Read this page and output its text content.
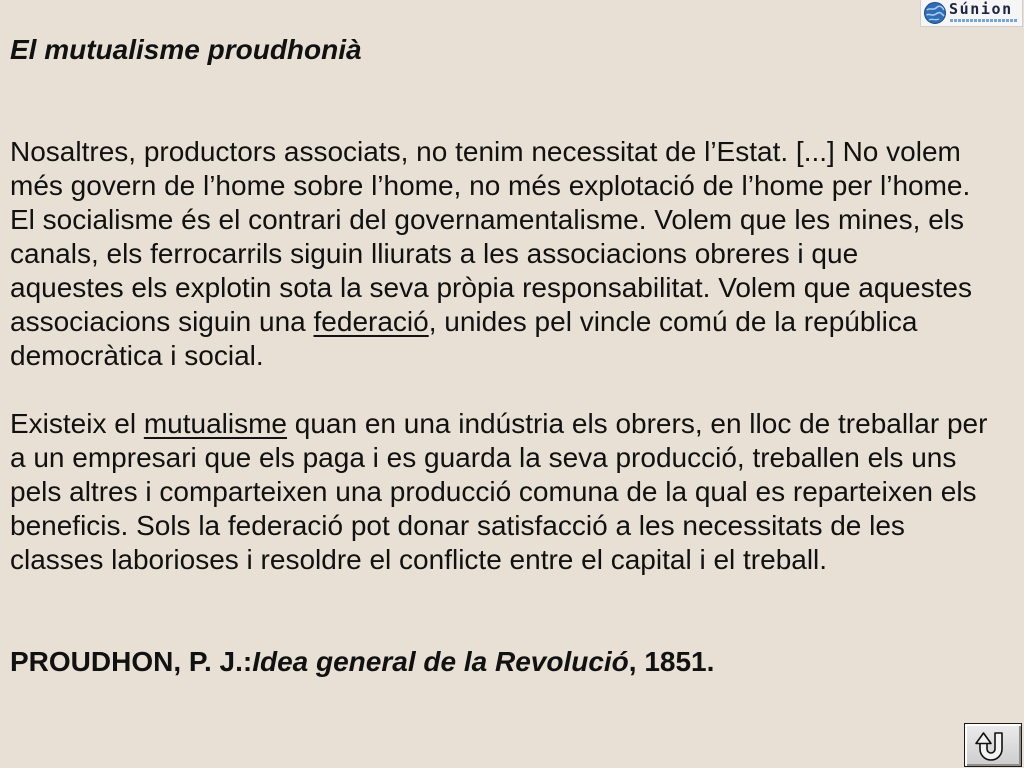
Súnion
El mutualisme proudhonià
Nosaltres, productors associats, no tenim necessitat de l’Estat. [...] No volem
més govern de l’home sobre l’home, no més explotació de l’home per l’home.
El socialisme és el contrari del governamentalisme. Volem que les mines, els
canals, els ferrocarrils siguin lliurats a les associacions obreres i que
aquestes els explotin sota la seva pròpia responsabilitat. Volem que aquestes
associacions siguin una federació, unides pel vincle comú de la república
democràtica i social.
Existeix el mutualisme quan en una indústria els obrers, en lloc de treballar per
a un empresari que els paga i es guarda la seva producció, treballen els uns
pels altres i comparteixen una producció comuna de la qual es reparteixen els
beneficis. Sols la federació pot donar satisfacció a les necessitats de les
classes laborioses i resoldre el conflicte entre el capital i el treball.
PROUDHON, P. J.:Idea general de la Revolució, 1851.
